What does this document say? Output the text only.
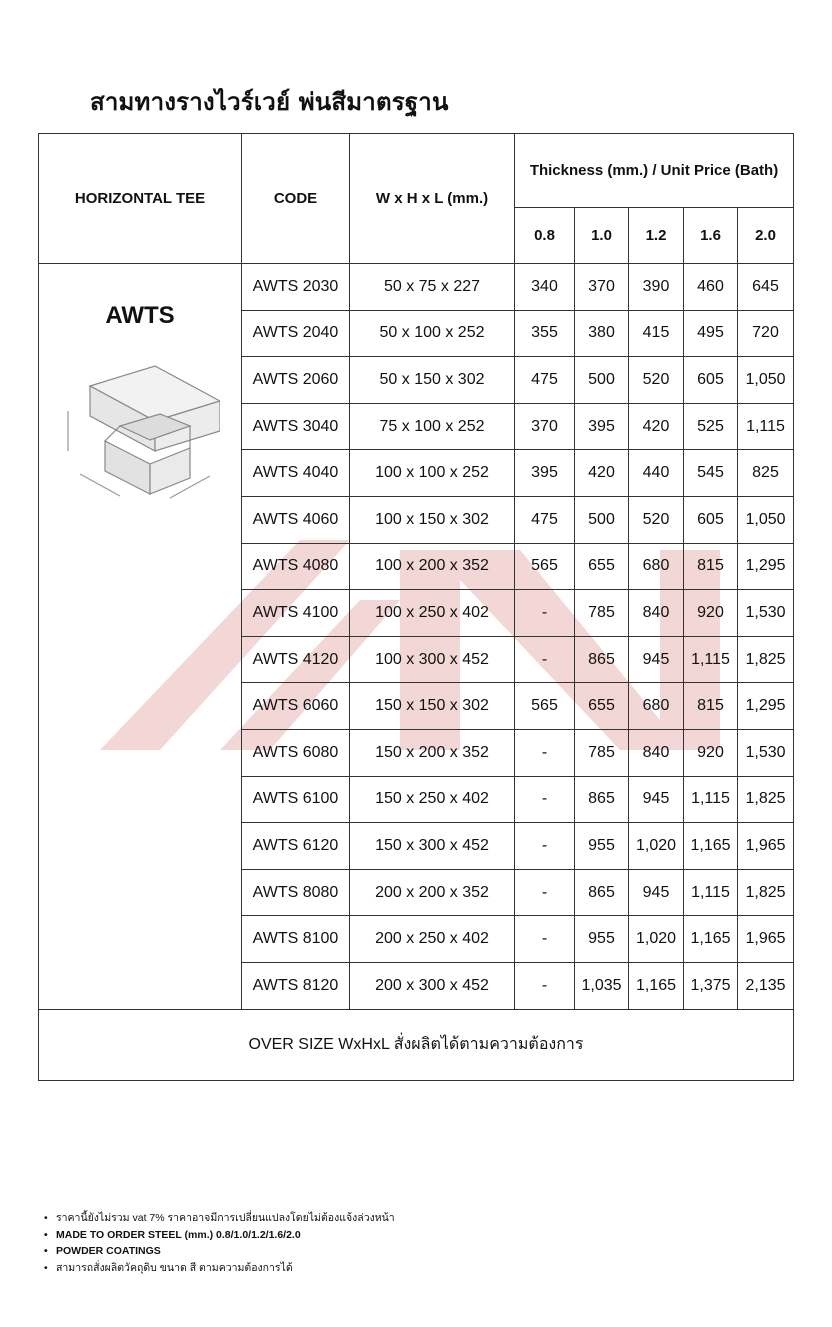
สามทางรางไวร์เวย์ พ่นสีมาตรฐาน
HORIZONTAL TEE	CODE	W x H x L (mm.)	Thickness (mm.) / Unit Price (Bath)				
			0.8	1.0	1.2	1.6	2.0

AWTS	AWTS 2030	50 x 75 x 227	340	370	390	460	645
	AWTS 2040	50 x 100 x 252	355	380	415	495	720
	AWTS 2060	50 x 150 x 302	475	500	520	605	1,050
	AWTS 3040	75 x 100 x 252	370	395	420	525	1,115
	AWTS 4040	100 x 100 x 252	395	420	440	545	825
	AWTS 4060	100 x 150 x 302	475	500	520	605	1,050
	AWTS 4080	100 x 200 x 352	565	655	680	815	1,295
	AWTS 4100	100 x 250 x 402	-	785	840	920	1,530
	AWTS 4120	100 x 300 x 452	-	865	945	1,115	1,825
	AWTS 6060	150 x 150 x 302	565	655	680	815	1,295
	AWTS 6080	150 x 200 x 352	-	785	840	920	1,530
	AWTS 6100	150 x 250 x 402	-	865	945	1,115	1,825
	AWTS 6120	150 x 300 x 452	-	955	1,020	1,165	1,965
	AWTS 8080	200 x 200 x 352	-	865	945	1,115	1,825
	AWTS 8100	200 x 250 x 402	-	955	1,020	1,165	1,965
	AWTS 8120	200 x 300 x 452	-	1,035	1,165	1,375	2,135
OVER SIZE WxHxL สั่งผลิตได้ตามความต้องการ							
• ราคานี้ยังไม่รวม vat 7% ราคาอาจมีการเปลี่ยนแปลงโดยไม่ต้องแจ้งล่วงหน้า
• MADE TO ORDER STEEL (mm.) 0.8/1.0/1.2/1.6/2.0
• POWDER COATINGS
• สามารถสั่งผลิตวัคถุดิบ ขนาด สี ตามความต้องการได้
